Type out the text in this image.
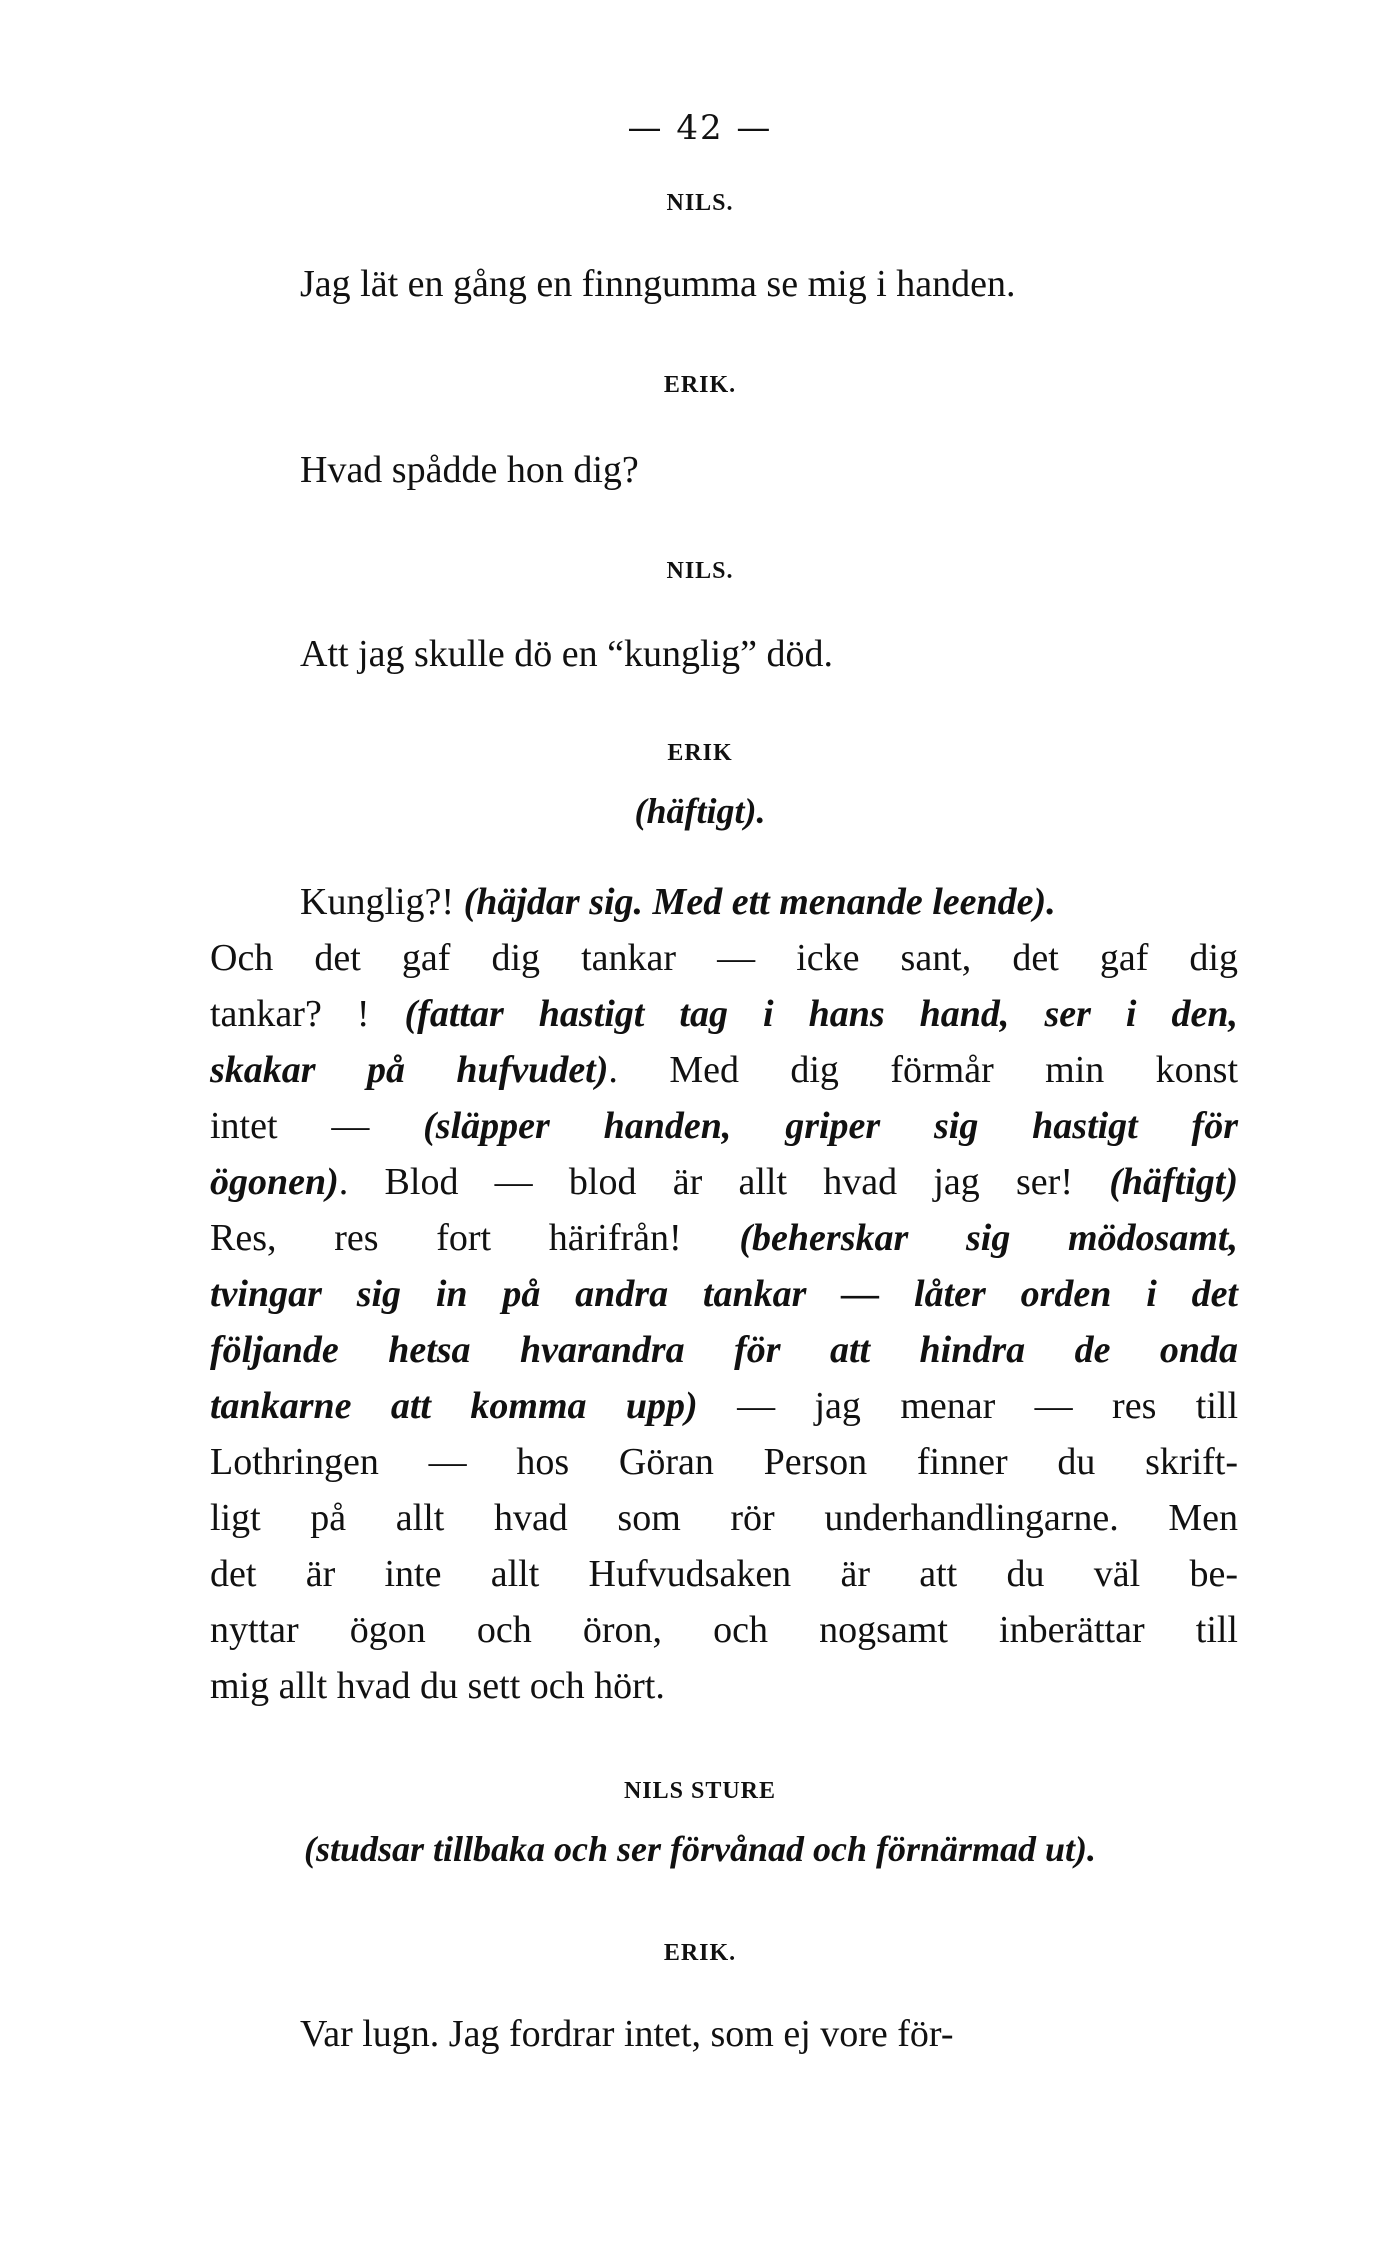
— 42 —
NILS.
Jag lät en gång en finngumma se mig i handen.
ERIK.
Hvad spådde hon dig?
NILS.
Att jag skulle dö en “kunglig” död.
ERIK
(häftigt).
Kunglig?! (häjdar sig. Med ett menande leende).
Och det gaf dig tankar — icke sant, det gaf dig
tankar? ! (fattar hastigt tag i hans hand, ser i den,
skakar på hufvudet). Med dig förmår min konst
intet — (släpper handen, griper sig hastigt för
ögonen). Blod — blod är allt hvad jag ser! (häftigt)
Res, res fort härifrån! (beherskar sig mödosamt,
tvingar sig in på andra tankar — låter orden i det
följande hetsa hvarandra för att hindra de onda
tankarne att komma upp) — jag menar — res till
Lothringen — hos Göran Person finner du skrift-
ligt på allt hvad som rör underhandlingarne. Men
det är inte allt Hufvudsaken är att du väl be-
nyttar ögon och öron, och nogsamt inberättar till
mig allt hvad du sett och hört.
NILS STURE
(studsar tillbaka och ser förvånad och förnärmad ut).
ERIK.
Var lugn. Jag fordrar intet, som ej vore för-
